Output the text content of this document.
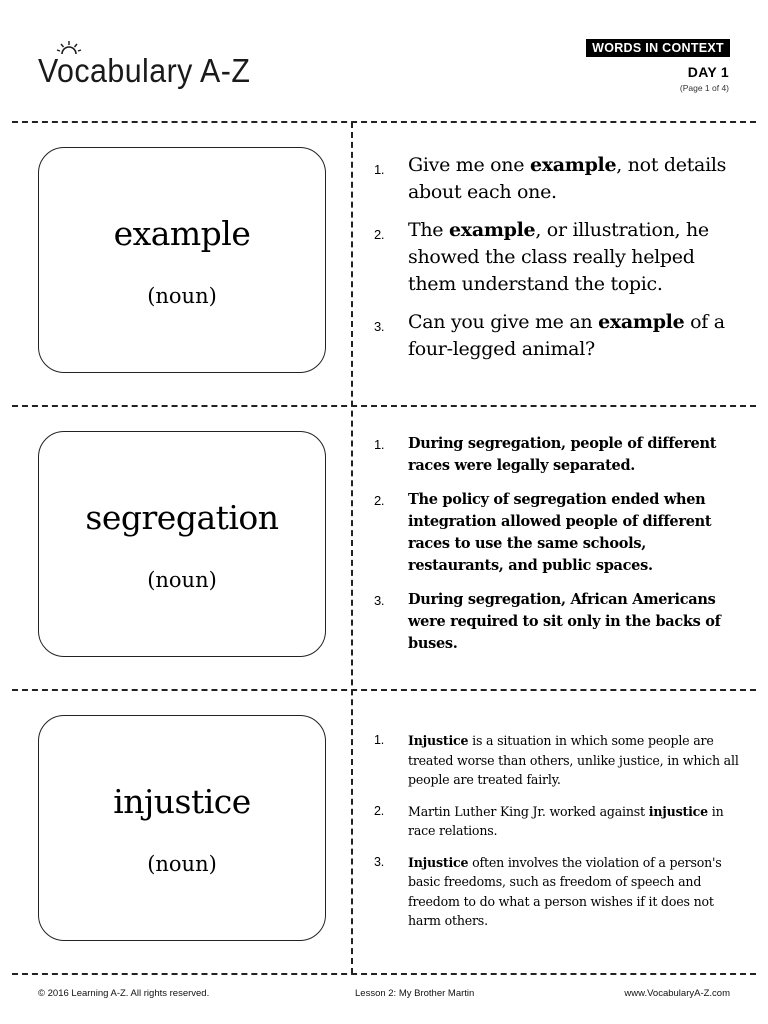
Vocabulary A-Z
WORDS IN CONTEXT
DAY 1
(Page 1 of 4)
example
(noun)
1. Give me one example, not details about each one.
2. The example, or illustration, he showed the class really helped them understand the topic.
3. Can you give me an example of a four-legged animal?
segregation
(noun)
1. During segregation, people of different races were legally separated.
2. The policy of segregation ended when integration allowed people of different races to use the same schools, restaurants, and public spaces.
3. During segregation, African Americans were required to sit only in the backs of buses.
injustice
(noun)
1. Injustice is a situation in which some people are treated worse than others, unlike justice, in which all people are treated fairly.
2. Martin Luther King Jr. worked against injustice in race relations.
3. Injustice often involves the violation of a person's basic freedoms, such as freedom of speech and freedom to do what a person wishes if it does not harm others.
© 2016 Learning A-Z. All rights reserved.	Lesson 2: My Brother Martin	www.VocabularyA-Z.com
